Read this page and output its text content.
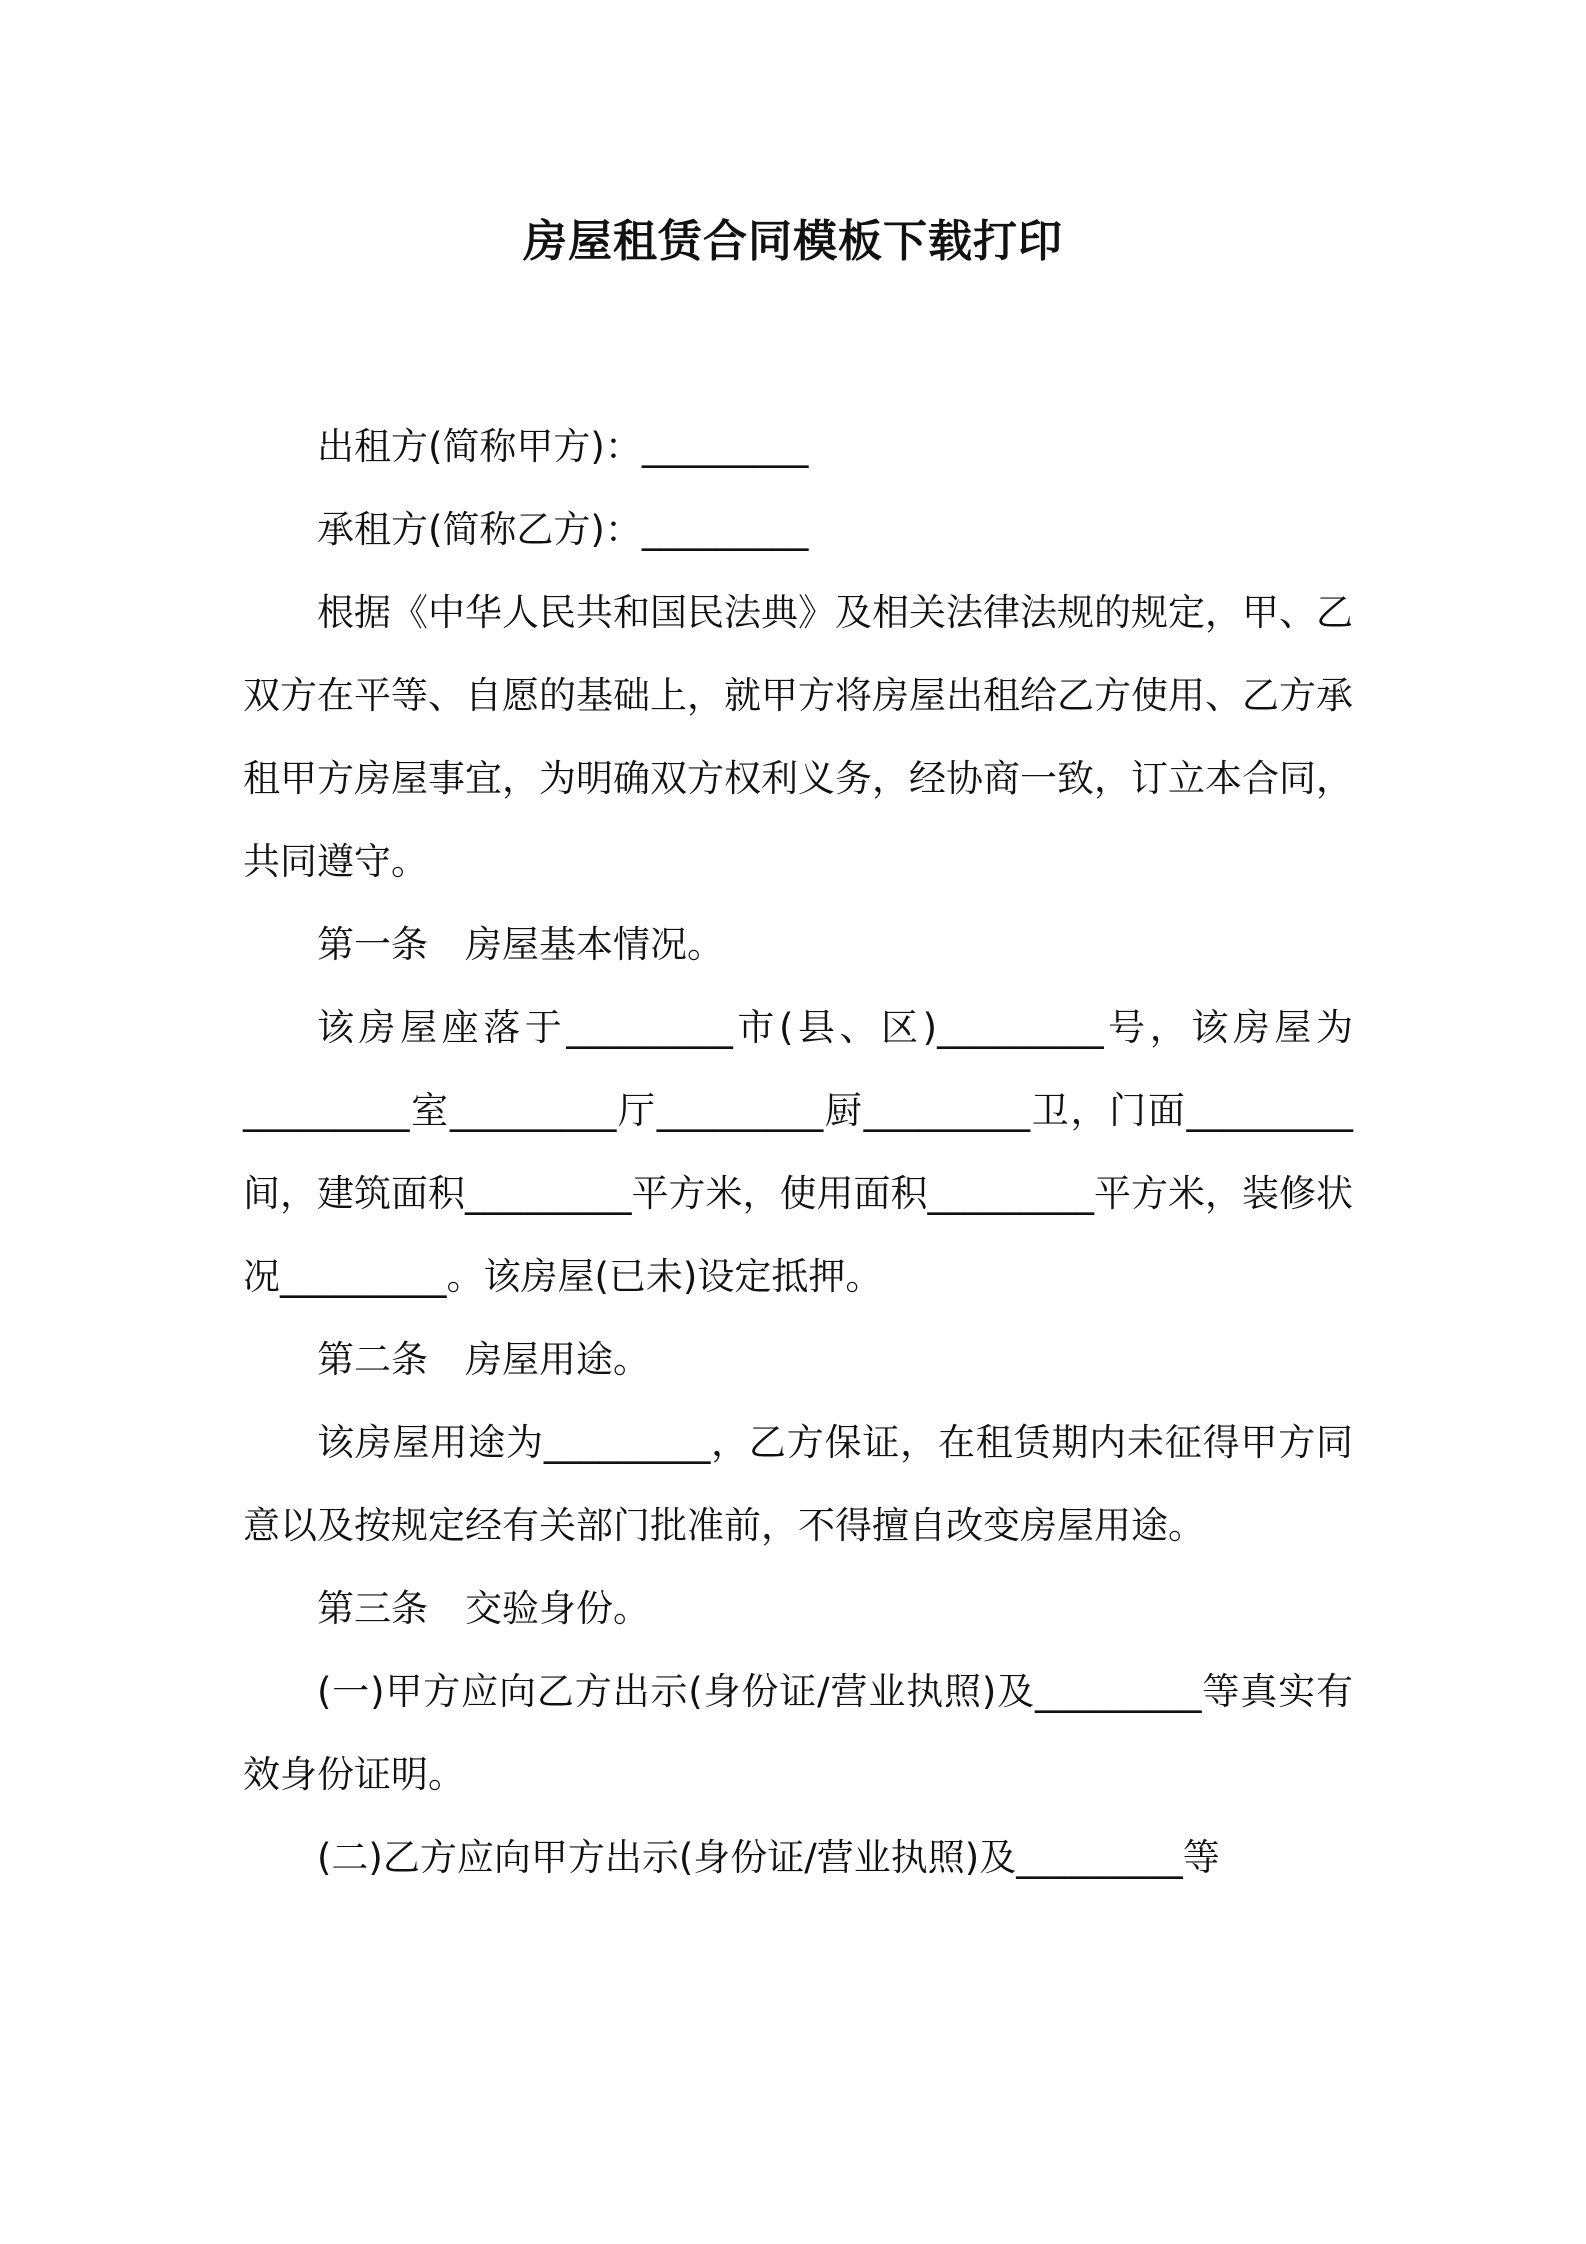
房屋租赁合同模板下载打印

出租方(简称甲方)：_________

承租方(简称乙方)：_________

根据《中华人民共和国民法典》及相关法律法规的规定，甲、乙双方在平等、自愿的基础上，就甲方将房屋出租给乙方使用、乙方承租甲方房屋事宜，为明确双方权利义务，经协商一致，订立本合同，共同遵守。

第一条　房屋基本情况。

该房屋座落于_________市(县、区)_________号，该房屋为_________室_________厅_________厨_________卫，门面_________间，建筑面积_________平方米，使用面积_________平方米，装修状况_________。该房屋(已未)设定抵押。

第二条　房屋用途。

该房屋用途为_________，乙方保证，在租赁期内未征得甲方同意以及按规定经有关部门批准前，不得擅自改变房屋用途。

第三条　交验身份。

(一)甲方应向乙方出示(身份证/营业执照)及_________等真实有效身份证明。

(二)乙方应向甲方出示(身份证/营业执照)及_________等
